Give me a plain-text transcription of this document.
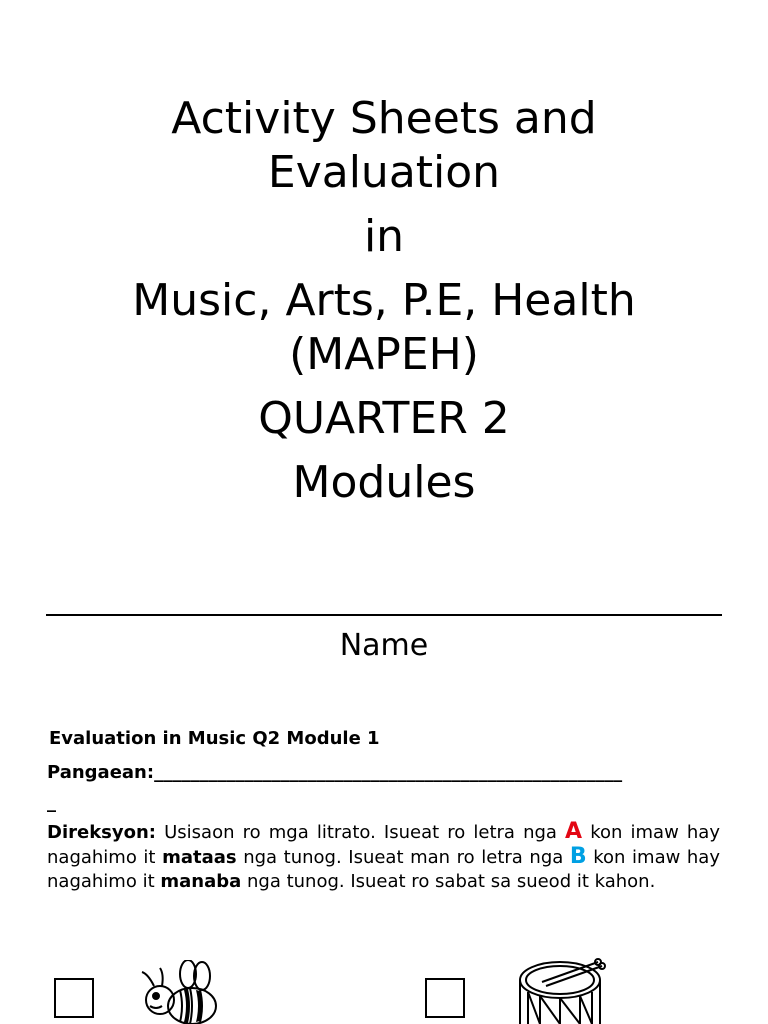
Activity Sheets and
Evaluation
in
Music, Arts, P.E, Health
(MAPEH)
QUARTER 2
Modules
Name
Evaluation in Music Q2 Module 1
Pangaean:____________________________________________________
_

Direksyon: Usisaon ro mga litrato. Isueat ro letra nga A kon imaw hay nagahimo it mataas nga tunog. Isueat man ro letra nga B kon imaw hay nagahimo it manaba nga tunog. Isueat ro sabat sa sueod it kahon.
